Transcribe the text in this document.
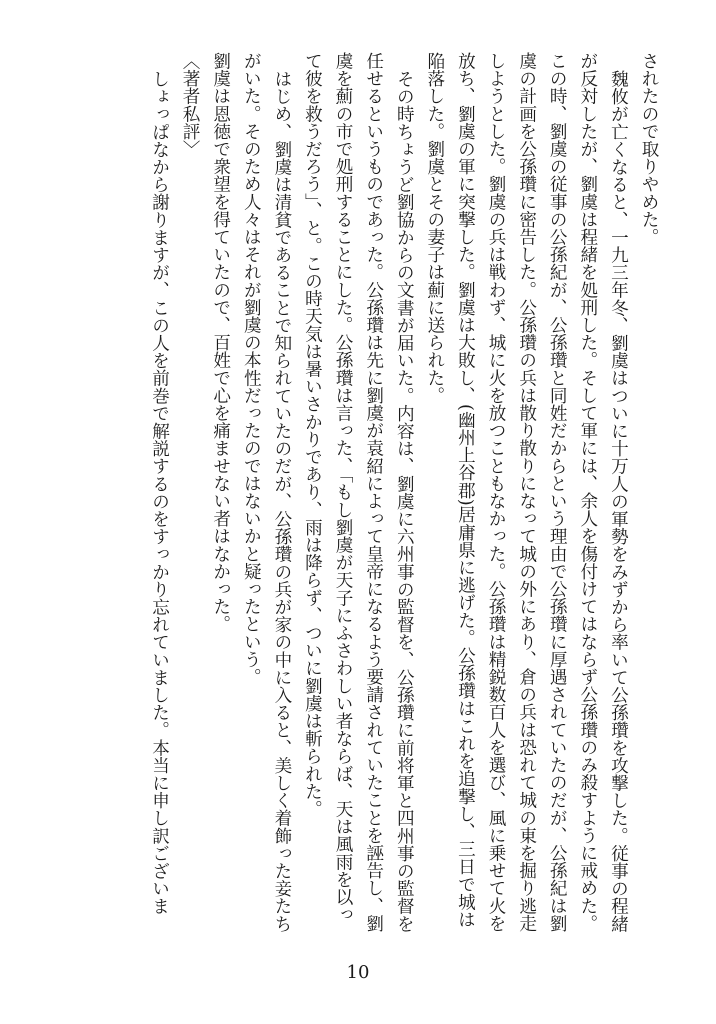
されたので取りやめた。

魏攸が亡くなると、一九三年冬、劉虞はついに十万人の軍勢をみずから率いて公孫瓚を攻撃した。従事の程緒が反対したが、劉虞は程緒を処刑した。そして軍には、余人を傷付けてはならず公孫瓚のみ殺すように戒めた。この時、劉虞の従事の公孫紀が、公孫瓚と同姓だからという理由で公孫瓚に厚遇されていたのだが、公孫紀は劉虞の計画を公孫瓚に密告した。公孫瓚の兵は散り散りになって城の外にあり、倉の兵は恐れて城の東を掘り逃走しようとした。劉虞の兵は戦わず、城に火を放つこともなかった。公孫瓚は精鋭数百人を選び、風に乗せて火を放ち、劉虞の軍に突撃した。劉虞は大敗し、(幽州上谷郡)居庸県に逃げた。公孫瓚はこれを追撃し、三日で城は陥落した。劉虞とその妻子は薊に送られた。

その時ちょうど劉協からの文書が届いた。内容は、劉虞に六州事の監督を、公孫瓚に前将軍と四州事の監督を任せるというものであった。公孫瓚は先に劉虞が袁紹によって皇帝になるよう要請されていたことを誣告し、劉虞を薊の市で処刑することにした。公孫瓚は言った、「もし劉虞が天子にふさわしい者ならば、天は風雨を以って彼を救うだろう」、と。この時天気は暑いさかりであり、雨は降らず、ついに劉虞は斬られた。

はじめ、劉虞は清貧であることで知られていたのだが、公孫瓚の兵が家の中に入ると、美しく着飾った妾たちがいた。そのため人々はそれが劉虞の本性だったのではないかと疑ったという。

劉虞は恩徳で衆望を得ていたので、百姓で心を痛ませない者はなかった。

〈著者私評〉

しょっぱなから謝りますが、この人を前巻で解説するのをすっかり忘れていました。本当に申し訳ございま

10
